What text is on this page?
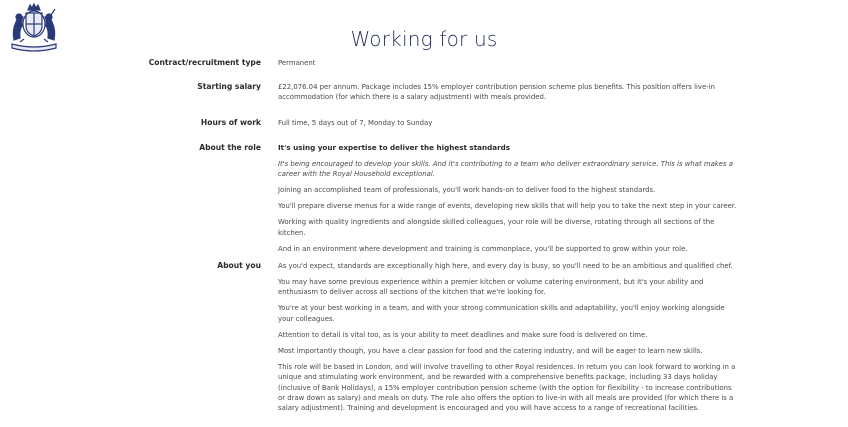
Working for us
Contract/recruitment type Permanent
Starting salary £22,076.04 per annum. Package includes 15% employer contribution pension scheme plus benefits. This position offers live-in accommodation (for which there is a salary adjustment) with meals provided.
Hours of work Full time, 5 days out of 7, Monday to Sunday
About the role It's using your expertise to deliver the highest standards

It's being encouraged to develop your skills. And it's contributing to a team who deliver extraordinary service. This is what makes a career with the Royal Household exceptional.

Joining an accomplished team of professionals, you'll work hands-on to deliver food to the highest standards.

You'll prepare diverse menus for a wide range of events, developing new skills that will help you to take the next step in your career.

Working with quality ingredients and alongside skilled colleagues, your role will be diverse, rotating through all sections of the kitchen.

And in an environment where development and training is commonplace, you'll be supported to grow within your role.

About you As you'd expect, standards are exceptionally high here, and every day is busy, so you'll need to be an ambitious and qualified chef.

You may have some previous experience within a premier kitchen or volume catering environment, but it's your ability and enthusiasm to deliver across all sections of the kitchen that we're looking for.

You're at your best working in a team, and with your strong communication skills and adaptability, you'll enjoy working alongside your colleagues.

Attention to detail is vital too, as is your ability to meet deadlines and make sure food is delivered on time.

Most importantly though, you have a clear passion for food and the catering industry, and will be eager to learn new skills.

This role will be based in London, and will involve travelling to other Royal residences. In return you can look forward to working in a unique and stimulating work environment, and be rewarded with a comprehensive benefits package, including 33 days holiday (inclusive of Bank Holidays), a 15% employer contribution pension scheme (with the option for flexibility - to increase contributions or draw down as salary) and meals on duty. The role also offers the option to live-in with all meals are provided (for which there is a salary adjustment). Training and development is encouraged and you will have access to a range of recreational facilities.
